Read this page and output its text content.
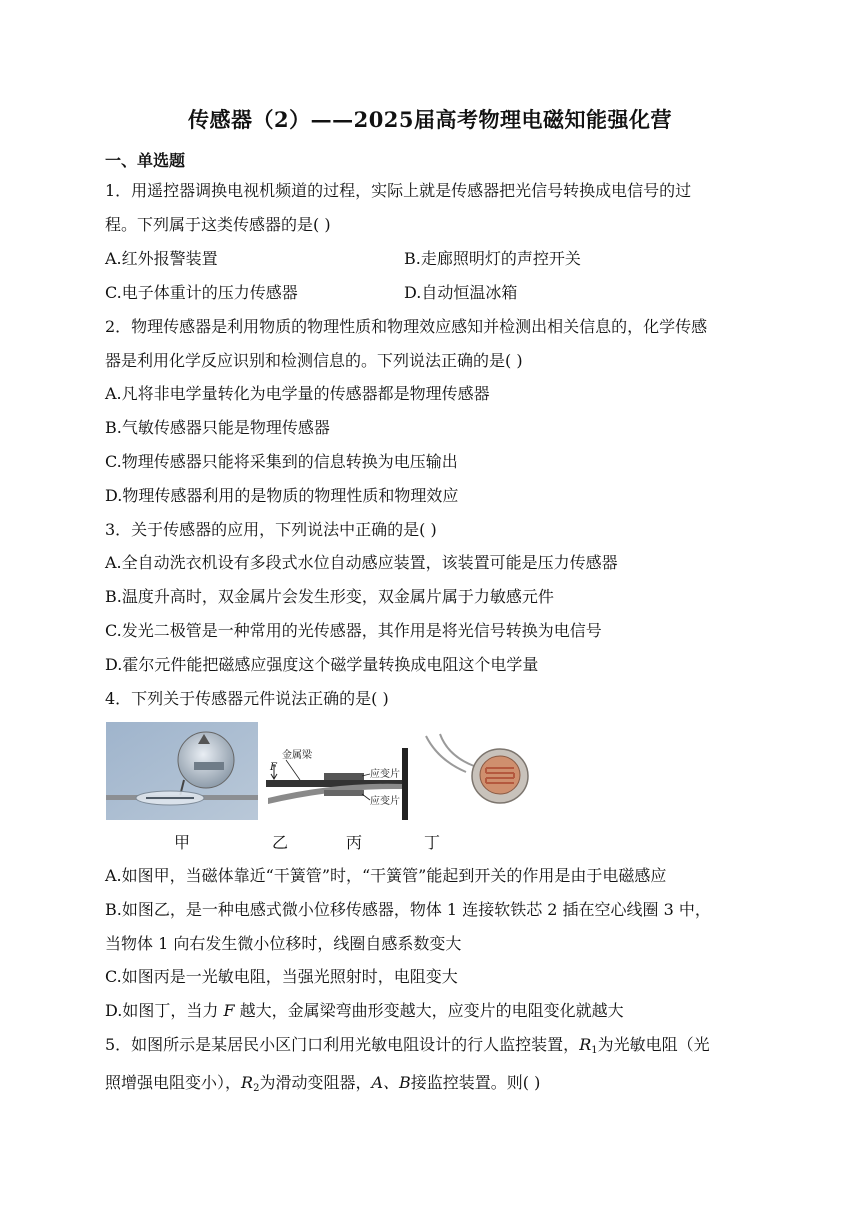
传感器（2）——2025届高考物理电磁知能强化营
一、单选题
1．用遥控器调换电视机频道的过程，实际上就是传感器把光信号转换成电信号的过
程。下列属于这类传感器的是( )
A.红外报警装置	B.走廊照明灯的声控开关
C.电子体重计的压力传感器	D.自动恒温冰箱
2．物理传感器是利用物质的物理性质和物理效应感知并检测出相关信息的，化学传感
器是利用化学反应识别和检测信息的。下列说法正确的是( )
A.凡将非电学量转化为电学量的传感器都是物理传感器
B.气敏传感器只能是物理传感器
C.物理传感器只能将采集到的信息转换为电压输出
D.物理传感器利用的是物质的物理性质和物理效应
3．关于传感器的应用，下列说法中正确的是( )
A.全自动洗衣机设有多段式水位自动感应装置，该装置可能是压力传感器
B.温度升高时，双金属片会发生形变，双金属片属于力敏感元件
C.发光二极管是一种常用的光传感器，其作用是将光信号转换为电信号
D.霍尔元件能把磁感应强度这个磁学量转换成电阻这个电学量
4．下列关于传感器元件说法正确的是( )
金属梁
F
应变片
应变片
甲	乙	丙	丁
A.如图甲，当磁体靠近“干簧管”时，“干簧管”能起到开关的作用是由于电磁感应
B.如图乙，是一种电感式微小位移传感器，物体 1 连接软铁芯 2 插在空心线圈 3 中，
当物体 1 向右发生微小位移时，线圈自感系数变大
C.如图丙是一光敏电阻，当强光照射时，电阻变大
D.如图丁，当力 F 越大，金属梁弯曲形变越大，应变片的电阻变化就越大
5．如图所示是某居民小区门口利用光敏电阻设计的行人监控装置，$R_1$为光敏电阻（光
照增强电阻变小），$R_2$为滑动变阻器，A、B接监控装置。则( )
